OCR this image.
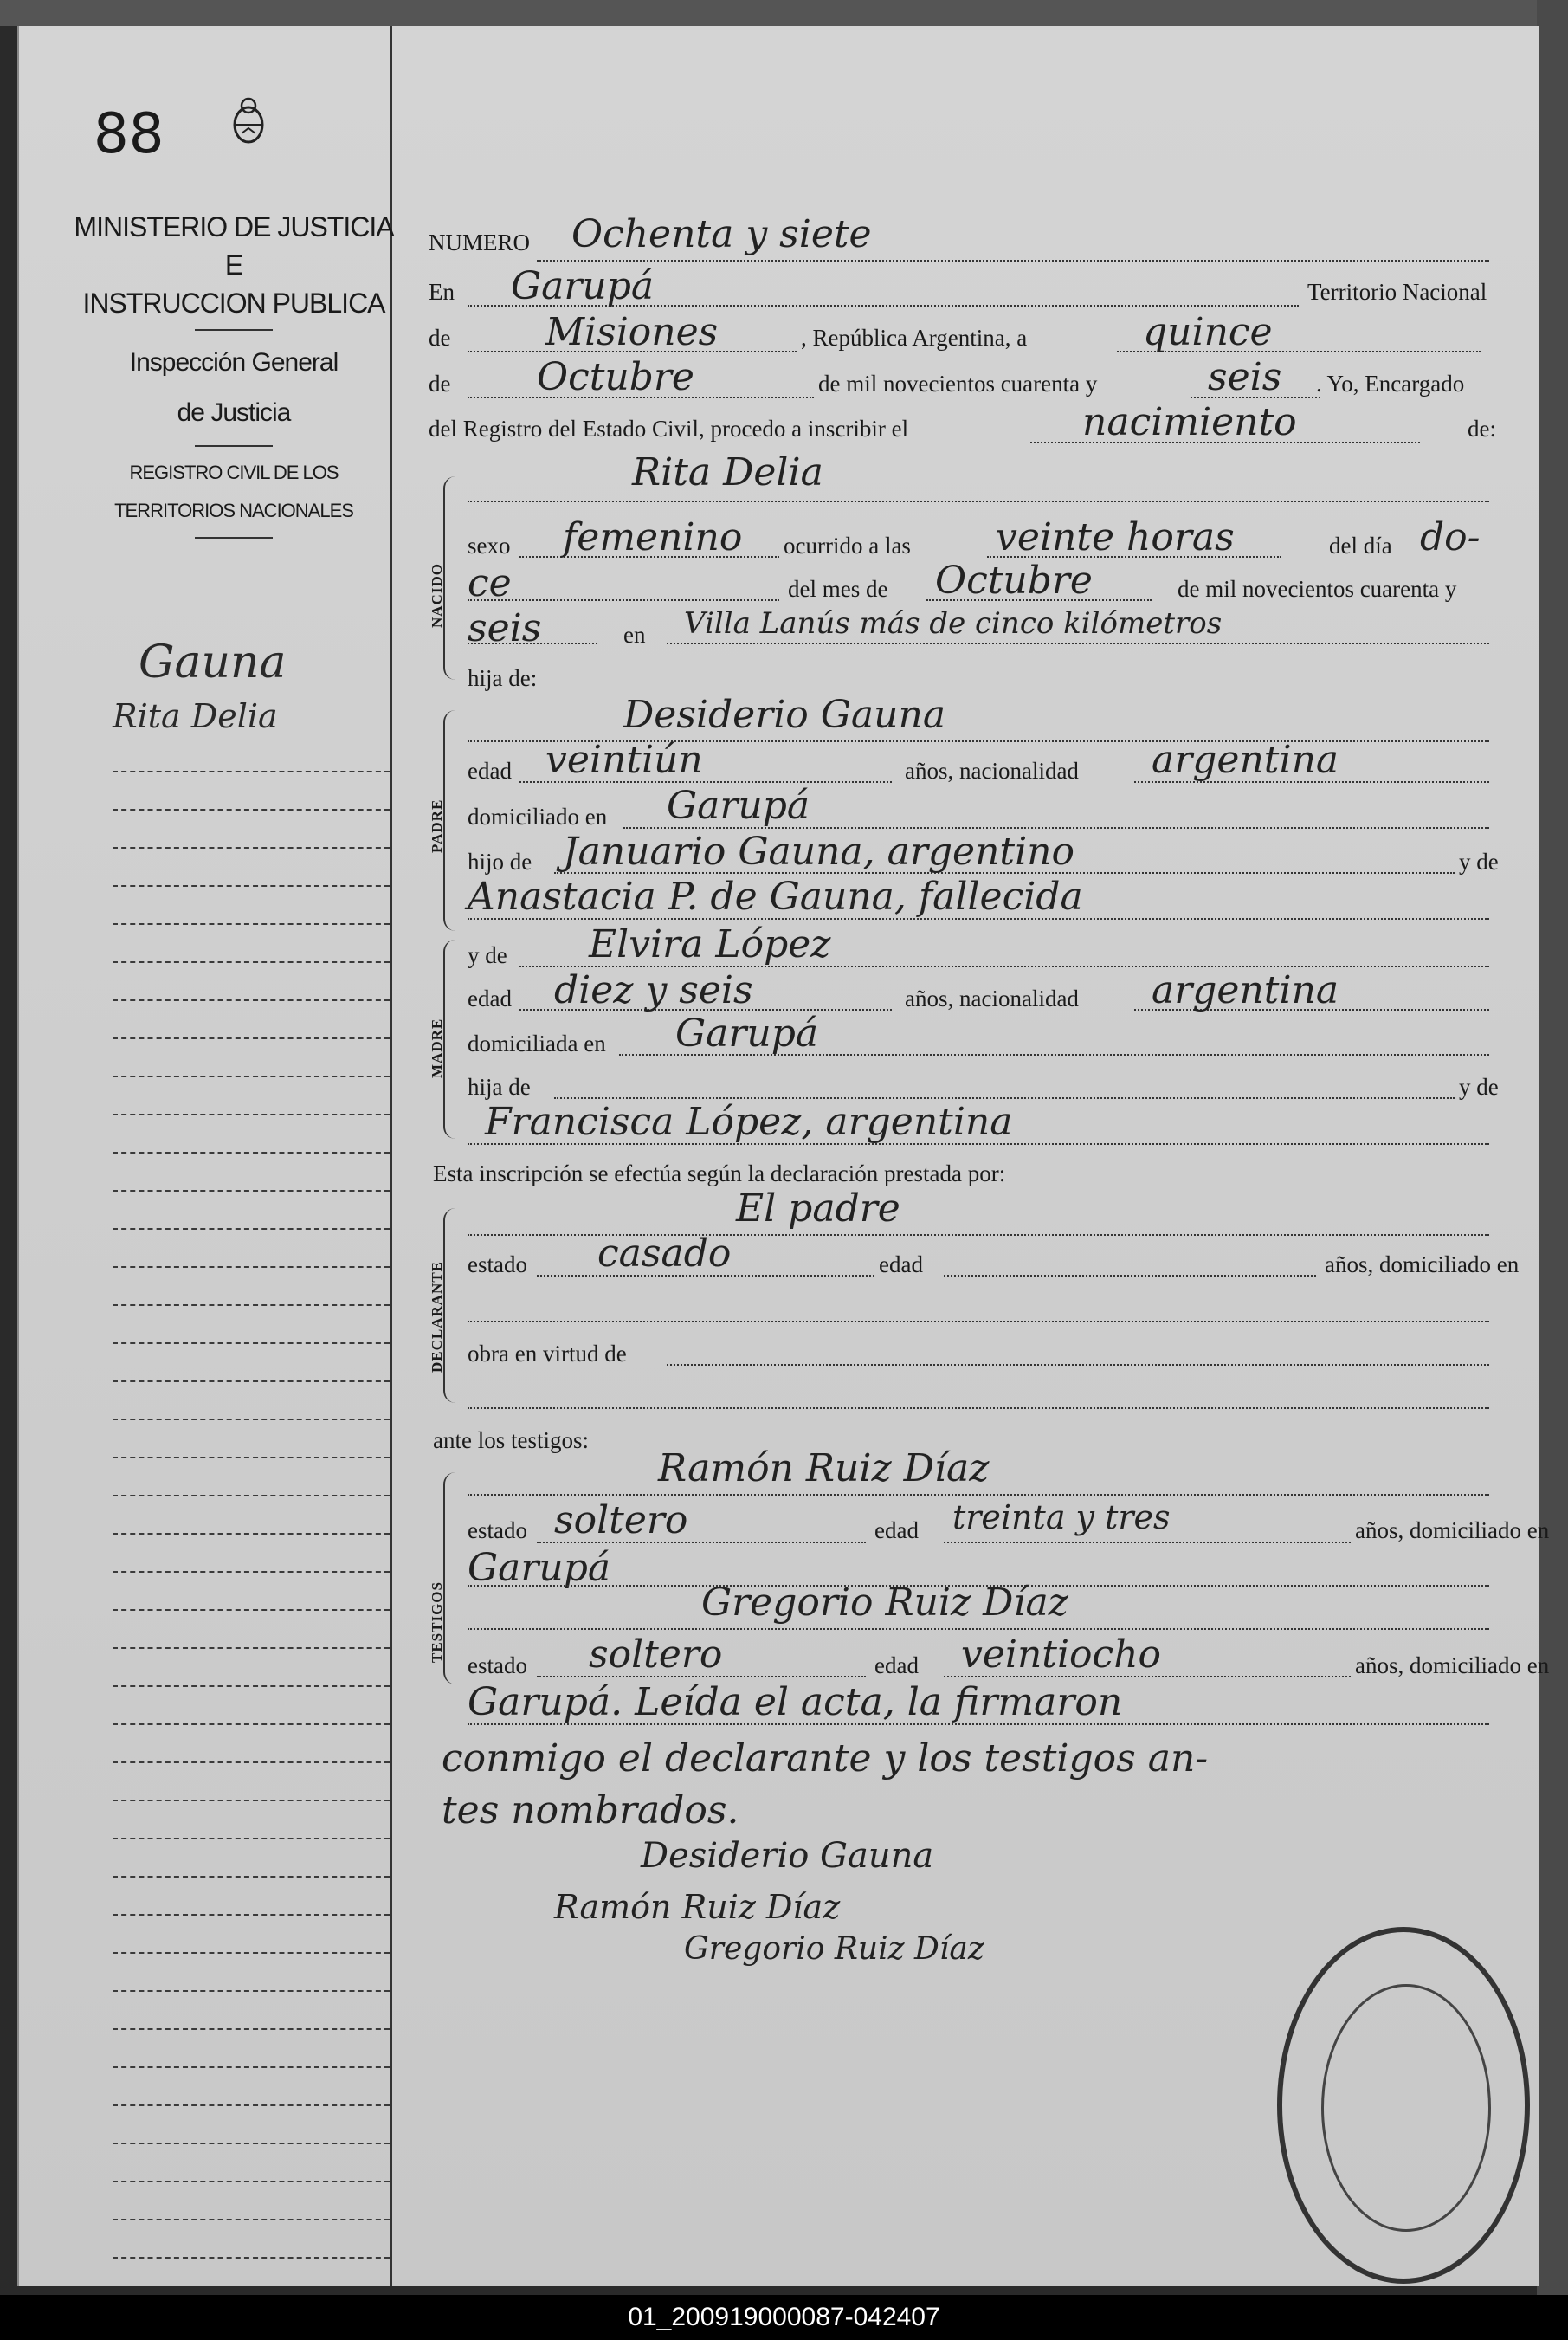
88
MINISTERIO DE JUSTICIA
E
INSTRUCCION PUBLICA
Inspección General
de Justicia
REGISTRO CIVIL DE LOS
TERRITORIOS NACIONALES
Gauna
Rita Delia
NUMERO Ochenta y siete
En Garupá	Territorio Nacional
de Misiones	, República Argentina, a	quince
de Octubre	de mil novecientos cuarenta y	seis . Yo, Encargado
del Registro del Estado Civil, procedo a inscribir el	nacimiento	de:
NACIDO
Rita Delia
sexo femenino ocurrido a las veinte horas	del día do-
ce	del mes de Octubre	de mil novecientos cuarenta y
seis	en Villa Lanús más de cinco kilómetros
hija de:
PADRE
Desiderio Gauna
edad veintiún	años, nacionalidad argentina
domiciliado en Garupá
hijo de Januario Gauna, argentino	y de
Anastacia P. de Gauna, fallecida
MADRE
y de Elvira López
edad diez y seis	años, nacionalidad argentina
domiciliada en Garupá
hija de	y de
Francisca López, argentina
Esta inscripción se efectúa según la declaración prestada por:
DECLARANTE
El padre
estado casado	edad	años, domiciliado en
obra en virtud de
ante los testigos:
TESTIGOS
Ramón Ruiz Díaz
estado soltero	edad treinta y tres	años, domiciliado en
Garupá
Gregorio Ruiz Díaz
estado soltero	edad veintiocho	años, domiciliado en
Garupá. Leída el acta, la firmaron
conmigo el declarante y los testigos an-
tes nombrados.
Desiderio Gauna
Ramón Ruiz Díaz
Gregorio Ruiz Díaz
01_200919000087-042407
